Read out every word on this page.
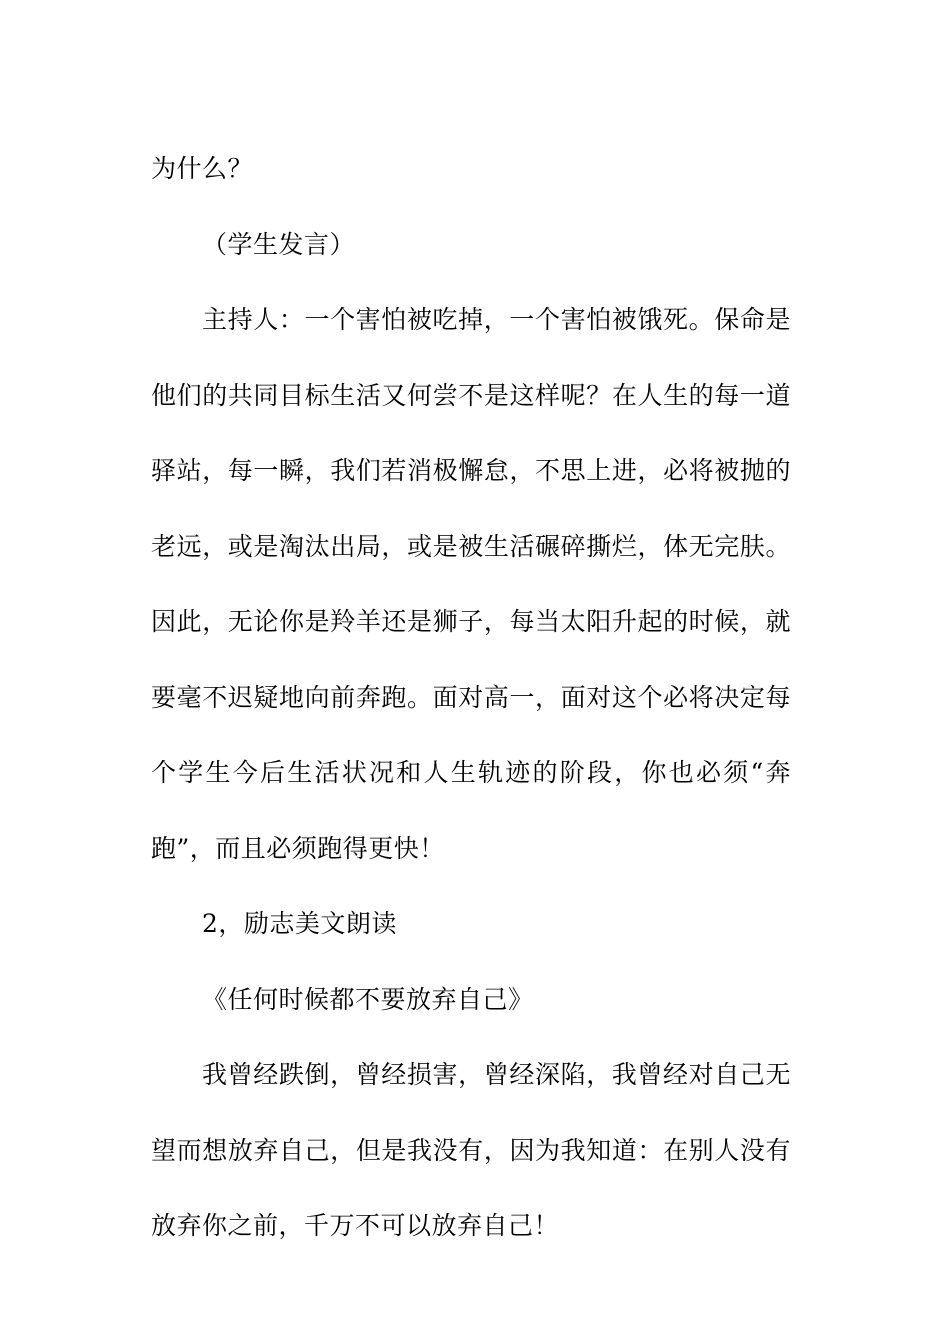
为什么？

（学生发言）

主持人：一个害怕被吃掉，一个害怕被饿死。保命是他们的共同目标生活又何尝不是这样呢？在人生的每一道驿站，每一瞬，我们若消极懈怠，不思上进，必将被抛的老远，或是淘汰出局，或是被生活碾碎撕烂，体无完肤。因此，无论你是羚羊还是狮子，每当太阳升起的时候，就要毫不迟疑地向前奔跑。面对高一，面对这个必将决定每个学生今后生活状况和人生轨迹的阶段，你也必须“奔跑”，而且必须跑得更快！

2，励志美文朗读

《任何时候都不要放弃自己》

我曾经跌倒，曾经损害，曾经深陷，我曾经对自己无望而想放弃自己，但是我没有，因为我知道：在别人没有放弃你之前，千万不可以放弃自己！
